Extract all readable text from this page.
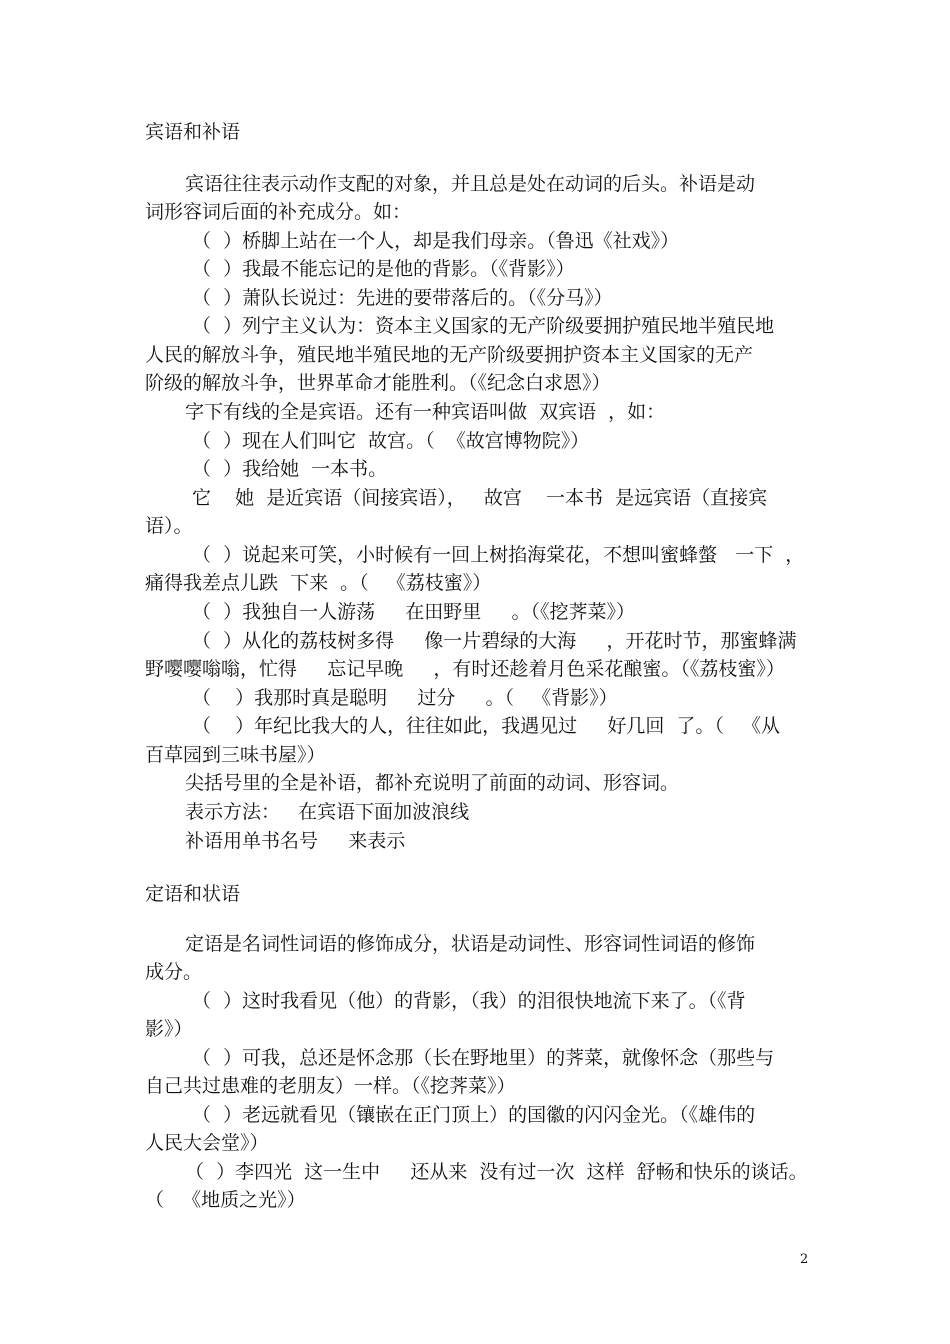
宾语和补语
宾语往往表示动作支配的对象，并且总是处在动词的后头。补语是动
词形容词后面的补充成分。如：
（  ）桥脚上站在一个人，却是我们母亲。（鲁迅《社戏》）
（  ）我最不能忘记的是他的背影。（《背影》）
（  ）萧队长说过：先进的要带落后的。（《分马》）
（  ）列宁主义认为：资本主义国家的无产阶级要拥护殖民地半殖民地
人民的解放斗争，殖民地半殖民地的无产阶级要拥护资本主义国家的无产
阶级的解放斗争，世界革命才能胜利。（《纪念白求恩》）
字下有线的全是宾语。还有一种宾语叫做  双宾语  ，如：
（  ）现在人们叫它  故宫。（  《故宫博物院》）
（  ）我给她  一本书。
它    她  是近宾语（间接宾语），   故宫    一本书  是远宾语（直接宾
语）。
（  ）说起来可笑，小时候有一回上树掐海棠花，不想叫蜜蜂螫   一下  ，
痛得我差点儿跌  下来  。（   《荔枝蜜》）
（  ）我独自一人游荡     在田野里     。（《挖荠菜》）
（  ）从化的荔枝树多得     像一片碧绿的大海     ，开花时节，那蜜蜂满
野嘤嘤嗡嗡，忙得     忘记早晚     ，有时还趁着月色采花酿蜜。（《荔枝蜜》）
（    ）我那时真是聪明     过分     。（   《背影》）
（    ）年纪比我大的人，往往如此，我遇见过     好几回  了。（   《从
百草园到三味书屋》）
尖括号里的全是补语，都补充说明了前面的动词、形容词。
表示方法：   在宾语下面加波浪线
补语用单书名号     来表示
定语和状语
定语是名词性词语的修饰成分，状语是动词性、形容词性词语的修饰
成分。
（  ）这时我看见（他）的背影，（我）的泪很快地流下来了。（《背
影》）
（  ）可我，总还是怀念那（长在野地里）的荠菜，就像怀念（那些与
自己共过患难的老朋友）一样。（《挖荠菜》）
（  ）老远就看见（镶嵌在正门顶上）的国徽的闪闪金光。（《雄伟的
人民大会堂》）
（  ）李四光  这一生中     还从来  没有过一次  这样  舒畅和快乐的谈话。
（   《地质之光》）
2
